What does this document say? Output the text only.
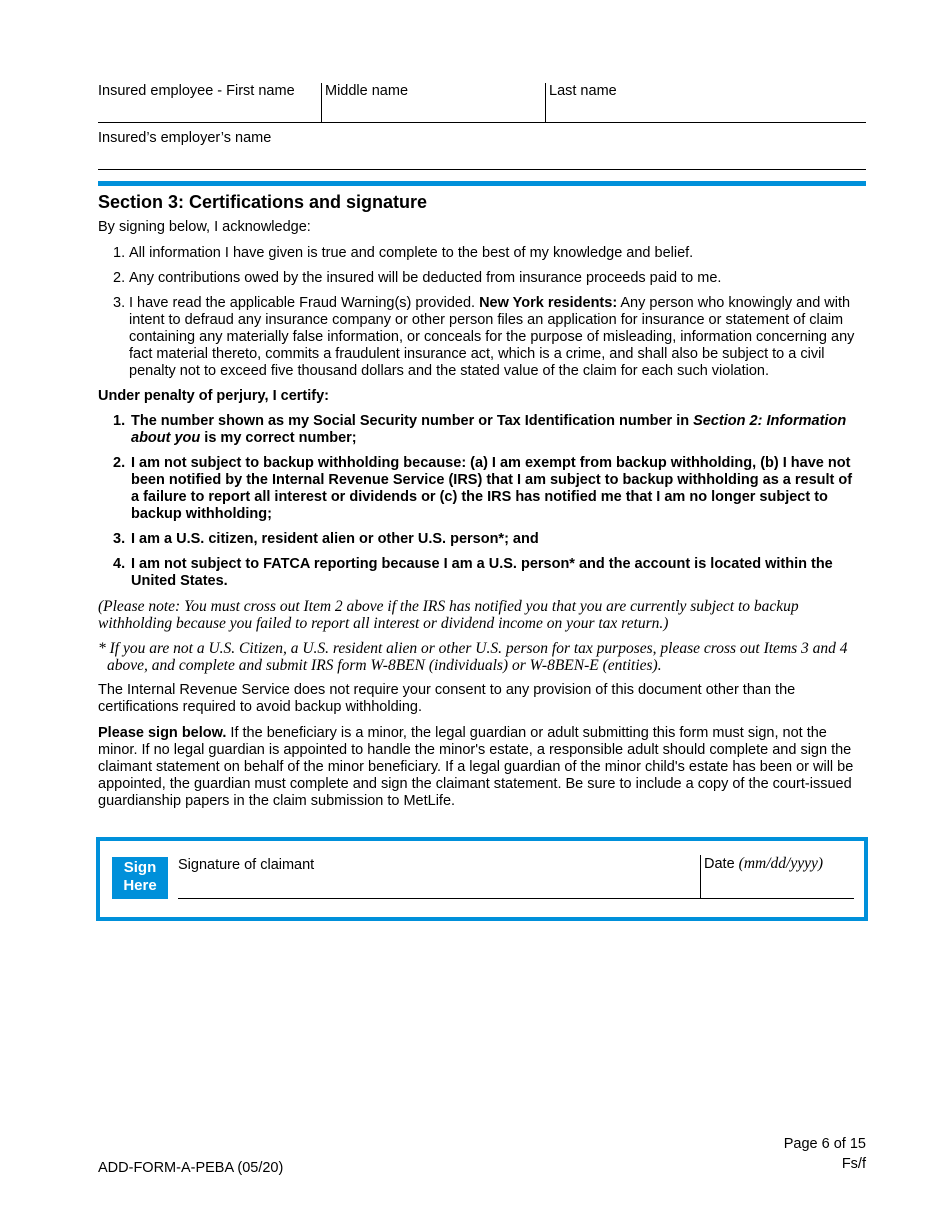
Insured employee - First name Middle name	Last name
Insured’s employer’s name
Section 3: Certifications and signature

By signing below, I acknowledge:

1. All information I have given is true and complete to the best of my knowledge and belief.
2. Any contributions owed by the insured will be deducted from insurance proceeds paid to me.
3. I have read the applicable Fraud Warning(s) provided. New York residents: Any person who knowingly and with intent to defraud any insurance company or other person files an application for insurance or statement of claim containing any materially false information, or conceals for the purpose of misleading, information concerning any fact material thereto, commits a fraudulent insurance act, which is a crime, and shall also be subject to a civil penalty not to exceed five thousand dollars and the stated value of the claim for each such violation.

Under penalty of perjury, I certify:

1. The number shown as my Social Security number or Tax Identification number in Section 2: Information about you is my correct number;
2. I am not subject to backup withholding because: (a) I am exempt from backup withholding, (b) I have not been notified by the Internal Revenue Service (IRS) that I am subject to backup withholding as a result of a failure to report all interest or dividends or (c) the IRS has notified me that I am no longer subject to backup withholding;
3. I am a U.S. citizen, resident alien or other U.S. person*; and
4. I am not subject to FATCA reporting because I am a U.S. person* and the account is located within the United States.

(Please note: You must cross out Item 2 above if the IRS has notified you that you are currently subject to backup withholding because you failed to report all interest or dividend income on your tax return.)

* If you are not a U.S. Citizen, a U.S. resident alien or other U.S. person for tax purposes, please cross out Items 3 and 4 above, and complete and submit IRS form W-8BEN (individuals) or W-8BEN-E (entities).

The Internal Revenue Service does not require your consent to any provision of this document other than the certifications required to avoid backup withholding.

Please sign below. If the beneficiary is a minor, the legal guardian or adult submitting this form must sign, not the minor. If no legal guardian is appointed to handle the minor's estate, a responsible adult should complete and sign the claimant statement on behalf of the minor beneficiary. If a legal guardian of the minor child's estate has been or will be appointed, the guardian must complete and sign the claimant statement. Be sure to include a copy of the court-issued guardianship papers in the claim submission to MetLife.

Sign
Here
Signature of claimant	Date (mm/dd/yyyy)
ADD-FORM-A-PEBA (05/20)
Page 6 of 15
Fs/f
